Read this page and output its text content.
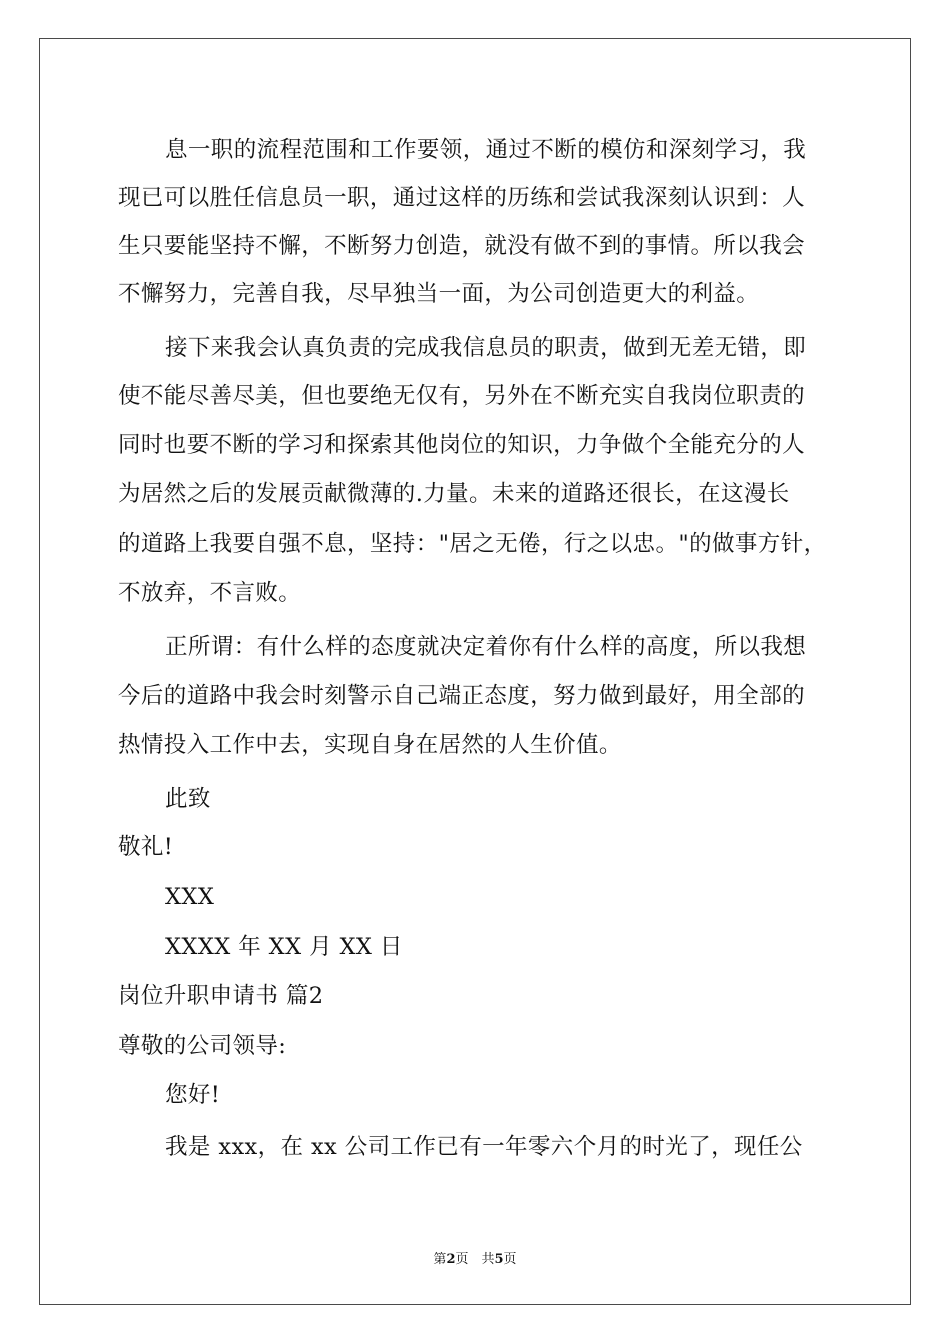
息一职的流程范围和工作要领，通过不断的模仿和深刻学习，我
现已可以胜任信息员一职，通过这样的历练和尝试我深刻认识到：人
生只要能坚持不懈，不断努力创造，就没有做不到的事情。所以我会
不懈努力，完善自我，尽早独当一面，为公司创造更大的利益。
接下来我会认真负责的完成我信息员的职责，做到无差无错，即
使不能尽善尽美，但也要绝无仅有，另外在不断充实自我岗位职责的
同时也要不断的学习和探索其他岗位的知识，力争做个全能充分的人
为居然之后的发展贡献微薄的.力量。未来的道路还很长，在这漫长
的道路上我要自强不息，坚持："居之无倦，行之以忠。"的做事方针，
不放弃，不言败。
正所谓：有什么样的态度就决定着你有什么样的高度，所以我想
今后的道路中我会时刻警示自己端正态度，努力做到最好，用全部的
热情投入工作中去，实现自身在居然的人生价值。
此致
敬礼!
XXX
XXXX 年 XX 月 XX 日
岗位升职申请书 篇2
尊敬的公司领导:
您好!
我是 xxx，在 xx 公司工作已有一年零六个月的时光了，现任公
第2页　共5页
